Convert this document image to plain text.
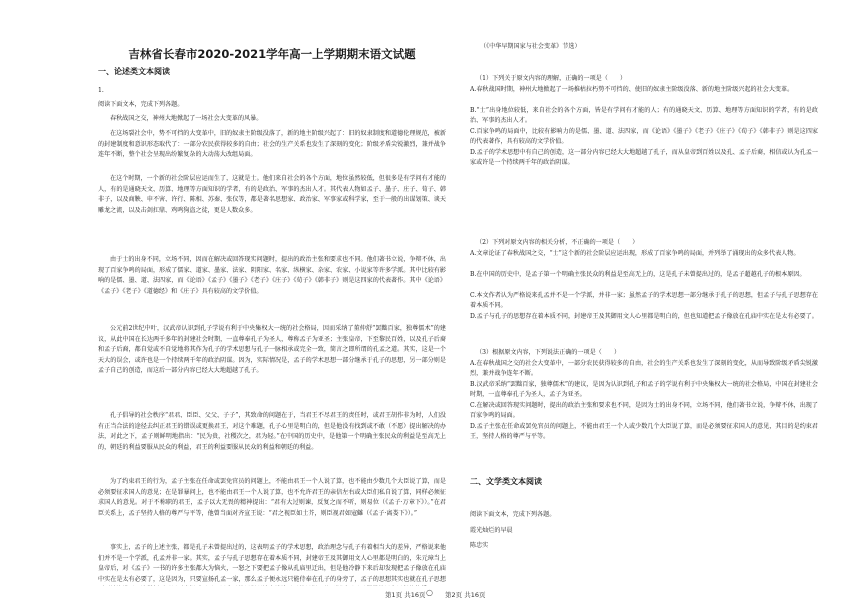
吉林省长春市2020-2021学年高一上学期期末语文试题
一、论述类文本阅读
1.
阅读下面文本，完成下列各题。

春秋战国之交，神州大地掀起了一场社会大变革的风暴。

在这场裂社会中，势不可挡的大变革中，旧的奴隶主阶级没落了，新的地主阶级兴起了：旧的奴隶制度和道德伦理规范，被新的封建制度和意识形态取代了：一部分农民获得较多的自由；社会的生产关系也发生了深刻的变化；阶级矛盾尖锐激烈，兼并战争连年不断，整个社会呈现出纷繁复杂的大动荡大改组局面。

在这个时期，一个新的社会阶层应运而生了，这就是士。他们来自社会的各个方面，地位虽然较低，但很多是有学问有才能的人，有的是通晓天文、历算、地理等方面知识的学者，有的是政治、军事的杰出人才。其代表人物如孟子、墨子、庄子、荀子、韩非子，以及商鞅、申不害、许行、陈相、苏秦、张仪等，都是著名思想家、政治家、军事家或科学家，至于一般的出谋划策、谈天雕龙之流，以及击剑扛鼎、鸡鸣狗盗之徒，更是人数众多。

由于士的出身不同，立场不同，因而在解决或回答现实问题时，提出的政治主张和要求也不同。他们著书立说，争辩不休，出现了百家争鸣的局面，形成了儒家、道家、墨家、法家、阴阳家、名家、纵横家、杂家、农家、小说家等许多学派。其中比较有影响的是儒、墨、道、法四家，而《论语》《孟子》《墨子》《老子》《庄子》《荀子》《韩非子》则是这四家的代表著作。其中《论语》《孟子》《老子》《道德经》和《庄子》具有较高的文学价值。

公元前2世纪中叶，汉武帝认识到孔子学说有利于中央集权大一统的社会格局，因而采纳了董仲舒“罢黜百家，独尊儒术”的建议，从此中国在长达两千多年的封建社会时期，一直尊奉孔子为圣人，尊称孟子为亚圣；主张皇帝，下至黎民百姓，以及孔子后裔和孟子后裔，都自觉或不自觉地将其作为孔子的学术思想与孔子一脉相承或完全一致，简言之即所谓的孔孟之道。其实，这是一个天大的误会，或许也是一个持续两千年的政治阴谋。因为，实际情况是，孟子的学术思想一部分继承于孔子的思想，另一部分则是孟子自己的创造，而这后一部分内容已经大大地超越了孔子。

孔子倡导的社会秩序“君君、臣臣、父父、子子”，其致命的问题在于，当君王不尽君王的责任时，或君王胡作非为时，人们没有正当合法的途径去纠正君王的错误或更换君王，对这个难题，孔子心里是明白的，但是他没有找到或不敢（不愿）提出解决的办法，对此之下，孟子则鲜明地指出：“民为贵，社稷次之，君为轻。”在中国的历史中，是他第一个明确主张民众的利益是至高无上的，朝廷的利益要服从民众的利益，君王的利益要服从民众的利益和朝廷的利益。

为了约束君王的行为，孟子主张在任命或罢免官员的问题上，不能由君王一个人说了算，也不能由少数几个大臣说了算，而是必须要征求国人的意见；在是罪暴问上，也不能由君王一个人说了算，也不允许君王的亲信左右或大臣们私自说了算，同样必须征求国人的意见。对于不称职的君王，孟子以大无畏的精神提出：“君有大过则谏，反复之而不听，则易位（《孟子·万章下》）。”在君臣关系上，孟子坚持人格的尊严与平等，他曾当面对齐宣王说：“君之视臣如土芥，则臣视君如寇雠（《孟子·离娄下》）。”

事实上，孟子的上述主张，都是孔子未曾提出过的，这表明孟子的学术思想，政治理念与孔子有着相当大的差异，严格说来他们并不是一个学派，孔孟并非一家。其实，孟子与孔子思想存在着本质不同，封建帝王及其御用文人心里都是明白的，朱元璋当上皇帝后，对《孟子》一书的许多主张都大为恼火，一怒之下要把孟子像从孔庙里迁出，但是他冷静下来后却发现把孟子像放在孔庙中实在是太有必要了，这是因为，只要宣扬孔孟一家，那么孟子便永远只能侍奉在孔子的身旁了，孟子的思想其实也就在孔子思想

（《中华早期国家与社会变革》节选）
（1）下列关于原文内容的理解，正确的一项是（　　）

A.春秋战国时期，神州大地掀起了一场推枯拉朽势不可挡的、使旧的奴隶主阶级没落、新的地主阶级兴起的社会大变革。

B.“士”出身地位较低，来自社会的各个方面，皆是有学问有才能的人；有的通晓天文、历算、地理等方面知识的学者，有的是政治、军事的杰出人才。

C.百家争鸣的局面中，比较有影响力的是儒、墨、道、法四家，而《论语》《墨子》《老子》《庄子》《荀子》《韩非子》则是这四家的代表著作，具有较高的文学价值。

D.孟子的学术思想中有自己的创造，这一部分内容已经大大地超越了孔子，而从皇帝到百姓以及孔、孟子后裔，相信或认为孔孟一家或许是一个持续两千年的政治阴谋。

（2）下列对原文内容的相关分析，不正确的一项是（　　）

A.文章论证了春秋战国之交，“士”这个新的社会阶层应运出现，形成了百家争鸣的局面，并列举了涌现出的众多代表人物。

B.在中国的历史中，是孟子第一个明确主张民众的利益是至高无上的，这是孔子未曾提出过的，是孟子超越孔子的根本原因。

C.本文作者认为严格说来孔孟并不是一个学派，并非一家；虽然孟子的学术思想一部分继承于孔子的思想，但孟子与孔子思想存在着本质不同。

D.孟子与孔子的思想存在着本质不同，封建帝王及其御用文人心里都是明白的，但也知道把孟子像放在孔庙中实在是太有必要了。

（3）根据原文内容，下列说法正确的一项是（　　）

A.在春秋战国之交的社会大变革中，一部分农民获得较多的自由，社会的生产关系也发生了深刻的变化，从而导致阶级矛盾尖锐激烈，兼并战争连年不断。

B.汉武帝采纳“罢黜百家，独尊儒术”的建议，是因为认识到孔子和孟子的学说有利于中央集权大一统的社会格局，中国在封建社会时期，一直尊奉孔子为圣人，孟子为亚圣。

C.在解决或回答现实问题时，提出的政治主张和要求也不同，是因为士的出身不同，立场不同，他们著书立说，争辩不休，出现了百家争鸣的局面。

D.孟子主张在任命或罢免官员的问题上，不能由君王一个人或少数几个大臣说了算，而是必须要征求国人的意见，其目的是约束君王，坚持人格的尊严与平等。

二、文学类文本阅读
阅读下面文本，完成下列各题。
霞光灿烂的早晨
陈忠实
第1页 共16页 ○ 第2页 共16页
